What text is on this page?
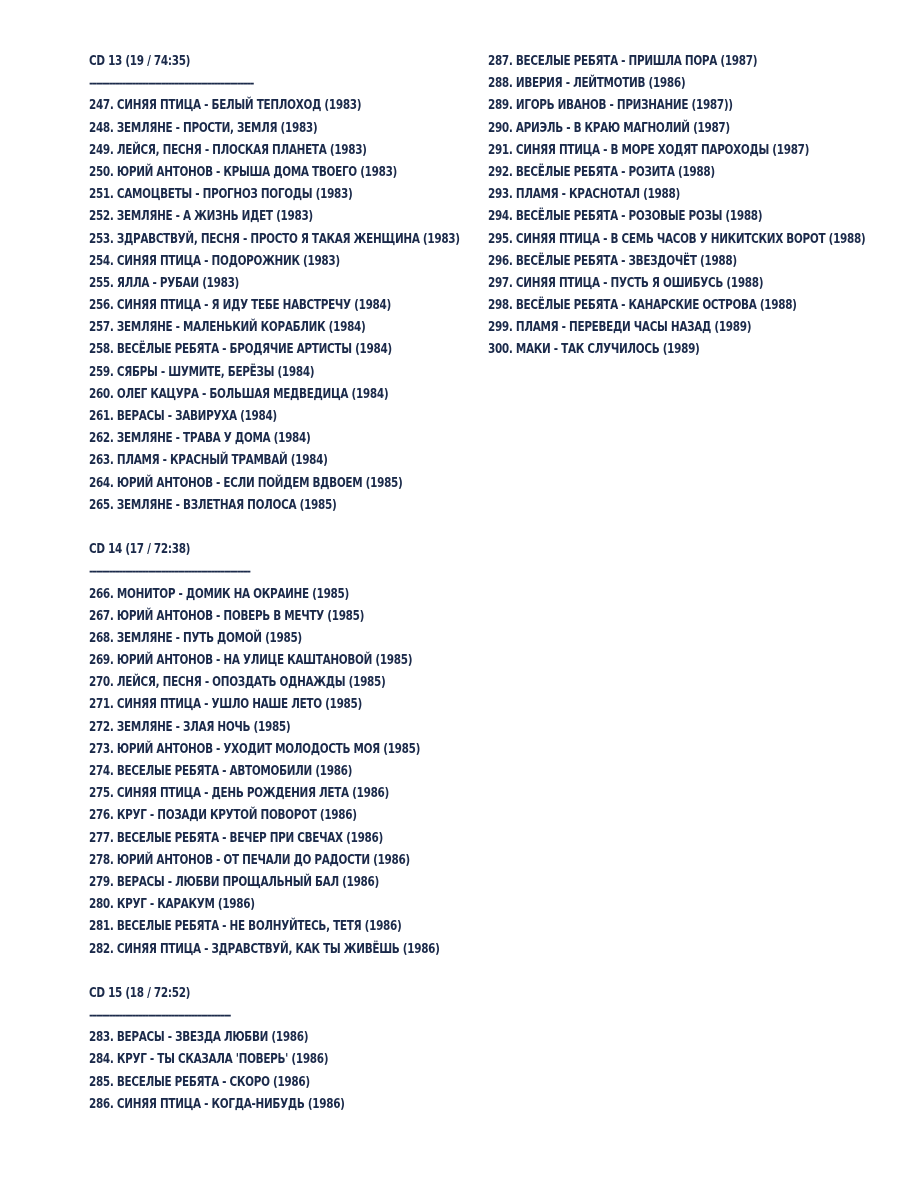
CD 13 (19 / 74:35)
--------------------------------------------------
247. СИНЯЯ ПТИЦА - БЕЛЫЙ ТЕПЛОХОД (1983)
248. ЗЕМЛЯНЕ - ПРОСТИ, ЗЕМЛЯ (1983)
249. ЛЕЙСЯ, ПЕСНЯ - ПЛОСКАЯ ПЛАНЕТА (1983)
250. ЮРИЙ АНТОНОВ - КРЫША ДОМА ТВОЕГО (1983)
251. САМОЦВЕТЫ - ПРОГНОЗ ПОГОДЫ (1983)
252. ЗЕМЛЯНЕ - А ЖИЗНЬ ИДЕТ (1983)
253. ЗДРАВСТВУЙ, ПЕСНЯ - ПРОСТО Я ТАКАЯ ЖЕНЩИНА (1983)
254. СИНЯЯ ПТИЦА - ПОДОРОЖНИК (1983)
255. ЯЛЛА - РУБАИ (1983)
256. СИНЯЯ ПТИЦА - Я ИДУ ТЕБЕ НАВСТРЕЧУ (1984)
257. ЗЕМЛЯНЕ - МАЛЕНЬКИЙ КОРАБЛИК (1984)
258. ВЕСЁЛЫЕ РЕБЯТА - БРОДЯЧИЕ АРТИСТЫ (1984)
259. СЯБРЫ - ШУМИТЕ, БЕРЁЗЫ (1984)
260. ОЛЕГ КАЦУРА - БОЛЬШАЯ МЕДВЕДИЦА (1984)
261. ВЕРАСЫ - ЗАВИРУХА (1984)
262. ЗЕМЛЯНЕ - ТРАВА У ДОМА (1984)
263. ПЛАМЯ - КРАСНЫЙ ТРАМВАЙ (1984)
264. ЮРИЙ АНТОНОВ - ЕСЛИ ПОЙДЕМ ВДВОЕМ (1985)
265. ЗЕМЛЯНЕ - ВЗЛЕТНАЯ ПОЛОСА (1985)
CD 14 (17 / 72:38)
-------------------------------------------------
266. МОНИТОР - ДОМИК НА ОКРАИНЕ (1985)
267. ЮРИЙ АНТОНОВ - ПОВЕРЬ В МЕЧТУ (1985)
268. ЗЕМЛЯНЕ - ПУТЬ ДОМОЙ (1985)
269. ЮРИЙ АНТОНОВ - НА УЛИЦЕ КАШТАНОВОЙ (1985)
270. ЛЕЙСЯ, ПЕСНЯ - ОПОЗДАТЬ ОДНАЖДЫ (1985)
271. СИНЯЯ ПТИЦА - УШЛО НАШЕ ЛЕТО (1985)
272. ЗЕМЛЯНЕ - ЗЛАЯ НОЧЬ (1985)
273. ЮРИЙ АНТОНОВ - УХОДИТ МОЛОДОСТЬ МОЯ (1985)
274. ВЕСЕЛЫЕ РЕБЯТА - АВТОМОБИЛИ (1986)
275. СИНЯЯ ПТИЦА - ДЕНЬ РОЖДЕНИЯ ЛЕТА (1986)
276. КРУГ - ПОЗАДИ КРУТОЙ ПОВОРОТ (1986)
277. ВЕСЕЛЫЕ РЕБЯТА - ВЕЧЕР ПРИ СВЕЧАХ (1986)
278. ЮРИЙ АНТОНОВ - ОТ ПЕЧАЛИ ДО РАДОСТИ (1986)
279. ВЕРАСЫ - ЛЮБВИ ПРОЩАЛЬНЫЙ БАЛ (1986)
280. КРУГ - КАРАКУМ (1986)
281. ВЕСЕЛЫЕ РЕБЯТА - НЕ ВОЛНУЙТЕСЬ, ТЕТЯ (1986)
282. СИНЯЯ ПТИЦА - ЗДРАВСТВУЙ, КАК ТЫ ЖИВЁШЬ (1986)
CD 15 (18 / 72:52)
-------------------------------------------
283. ВЕРАСЫ - ЗВЕЗДА ЛЮБВИ (1986)
284. КРУГ - ТЫ СКАЗАЛА 'ПОВЕРЬ' (1986)
285. ВЕСЕЛЫЕ РЕБЯТА - СКОРО (1986)
286. СИНЯЯ ПТИЦА - КОГДА-НИБУДЬ (1986)
287. ВЕСЕЛЫЕ РЕБЯТА - ПРИШЛА ПОРА (1987)
288. ИВЕРИЯ - ЛЕЙТМОТИВ (1986)
289. ИГОРЬ ИВАНОВ - ПРИЗНАНИЕ (1987))
290. АРИЭЛЬ - В КРАЮ МАГНОЛИЙ (1987)
291. СИНЯЯ ПТИЦА - В МОРЕ ХОДЯТ ПАРОХОДЫ (1987)
292. ВЕСЁЛЫЕ РЕБЯТА - РОЗИТА (1988)
293. ПЛАМЯ - КРАСНОТАЛ (1988)
294. ВЕСЁЛЫЕ РЕБЯТА - РОЗОВЫЕ РОЗЫ (1988)
295. СИНЯЯ ПТИЦА - В СЕМЬ ЧАСОВ У НИКИТСКИХ ВОРОТ (1988)
296. ВЕСЁЛЫЕ РЕБЯТА - ЗВЕЗДОЧЁТ (1988)
297. СИНЯЯ ПТИЦА - ПУСТЬ Я ОШИБУСЬ (1988)
298. ВЕСЁЛЫЕ РЕБЯТА - КАНАРСКИЕ ОСТРОВА (1988)
299. ПЛАМЯ - ПЕРЕВЕДИ ЧАСЫ НАЗАД (1989)
300. МАКИ - ТАК СЛУЧИЛОСЬ (1989)
